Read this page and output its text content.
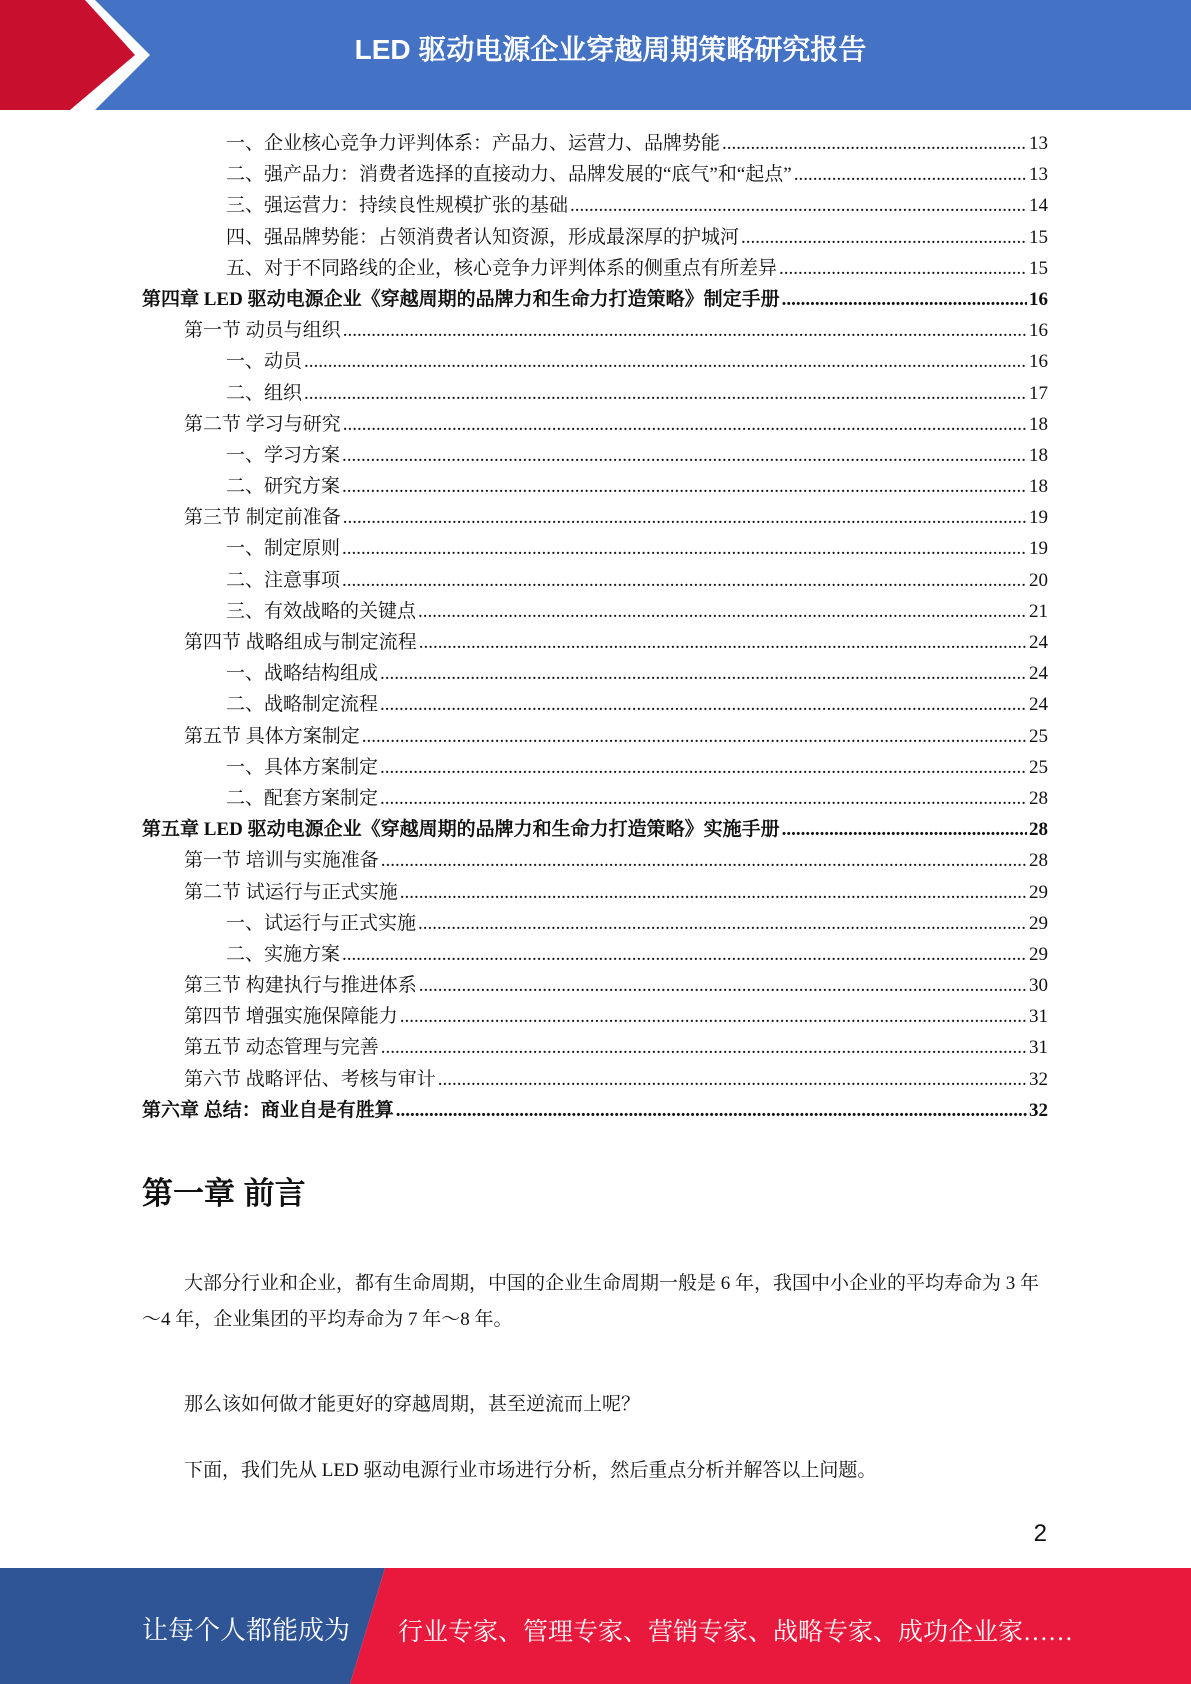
LED 驱动电源企业穿越周期策略研究报告
一、企业核心竞争力评判体系：产品力、运营力、品牌势能 .....	13
二、强产品力：消费者选择的直接动力、品牌发展的“底气”和“起点” .....	13
三、强运营力：持续良性规模扩张的基础 .....	14
四、强品牌势能：占领消费者认知资源，形成最深厚的护城河 .....	15
五、对于不同路线的企业，核心竞争力评判体系的侧重点有所差异 .....	15
第四章 LED 驱动电源企业《穿越周期的品牌力和生命力打造策略》制定手册 .....	16
第一节 动员与组织 .....	16
一、动员 .....	16
二、组织 .....	17
第二节 学习与研究 .....	18
一、学习方案 .....	18
二、研究方案 .....	18
第三节 制定前准备 .....	19
一、制定原则 .....	19
二、注意事项 .....	20
三、有效战略的关键点 .....	21
第四节 战略组成与制定流程 .....	24
一、战略结构组成 .....	24
二、战略制定流程 .....	24
第五节 具体方案制定 .....	25
一、具体方案制定 .....	25
二、配套方案制定 .....	28
第五章 LED 驱动电源企业《穿越周期的品牌力和生命力打造策略》实施手册 .....	28
第一节 培训与实施准备 .....	28
第二节 试运行与正式实施 .....	29
一、试运行与正式实施 .....	29
二、实施方案 .....	29
第三节 构建执行与推进体系 .....	30
第四节 增强实施保障能力 .....	31
第五节 动态管理与完善 .....	31
第六节 战略评估、考核与审计 .....	32
第六章 总结：商业自是有胜算 .....	32
第一章 前言

大部分行业和企业，都有生命周期，中国的企业生命周期一般是 6 年，我国中小企业的平均寿命为 3 年～4 年，企业集团的平均寿命为 7 年～8 年。

那么该如何做才能更好的穿越周期，甚至逆流而上呢？

下面，我们先从 LED 驱动电源行业市场进行分析，然后重点分析并解答以上问题。

2
让每个人都能成为 行业专家、管理专家、营销专家、战略专家、成功企业家……
